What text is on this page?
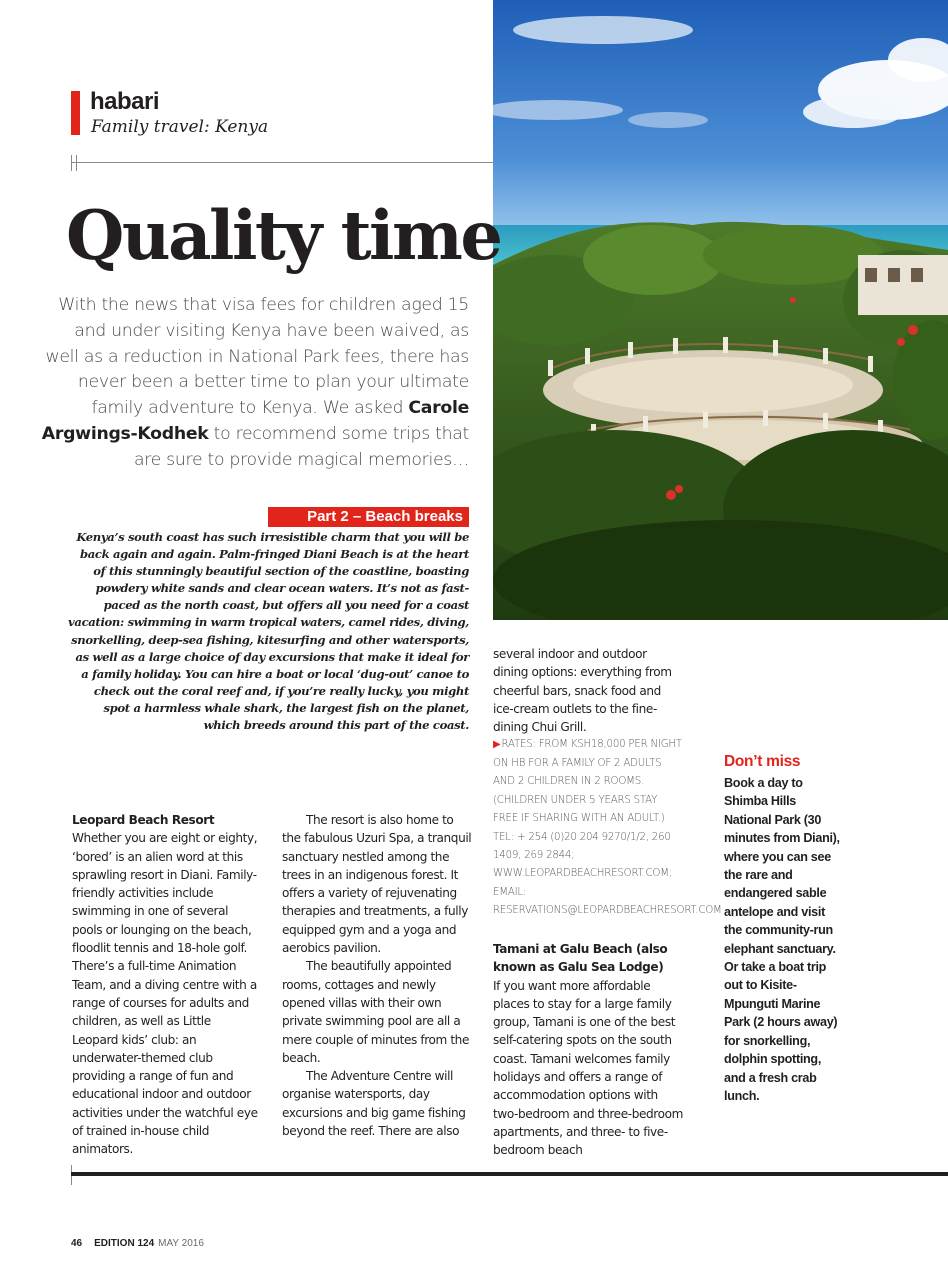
habari
Family travel: Kenya
Quality time

With the news that visa fees for children aged 15 and under visiting Kenya have been waived, as well as a reduction in National Park fees, there has never been a better time to plan your ultimate family adventure to Kenya. We asked Carole Argwings-Kodhek to recommend some trips that are sure to provide magical memories…

Part 2 – Beach breaks

Kenya’s south coast has such irresistible charm that you will be back again and again. Palm-fringed Diani Beach is at the heart of this stunningly beautiful section of the coastline, boasting powdery white sands and clear ocean waters. It’s not as fast-paced as the north coast, but offers all you need for a coast vacation: swimming in warm tropical waters, camel rides, diving, snorkelling, deep-sea fishing, kitesurfing and other watersports, as well as a large choice of day excursions that make it ideal for a family holiday. You can hire a boat or local ‘dug-out’ canoe to check out the coral reef and, if you’re really lucky, you might spot a harmless whale shark, the largest fish on the planet, which breeds around this part of the coast.

Leopard Beach Resort

Whether you are eight or eighty, ‘bored’ is an alien word at this sprawling resort in Diani. Family-friendly activities include swimming in one of several pools or lounging on the beach, floodlit tennis and 18-hole golf. There’s a full-time Animation Team, and a diving centre with a range of courses for adults and children, as well as Little Leopard kids’ club: an underwater-themed club providing a range of fun and educational indoor and outdoor activities under the watchful eye of trained in-house child animators.

The resort is also home to the fabulous Uzuri Spa, a tranquil sanctuary nestled among the trees in an indigenous forest. It offers a variety of rejuvenating therapies and treatments, a fully equipped gym and a yoga and aerobics pavilion.

The beautifully appointed rooms, cottages and newly opened villas with their own private swimming pool are all a mere couple of minutes from the beach.

The Adventure Centre will organise watersports, day excursions and big game fishing beyond the reef. There are also

several indoor and outdoor dining options: everything from cheerful bars, snack food and ice-cream outlets to the fine-dining Chui Grill.

▶RATES: FROM KSH18,000 PER NIGHT ON HB FOR A FAMILY OF 2 ADULTS AND 2 CHILDREN IN 2 ROOMS. (CHILDREN UNDER 5 YEARS STAY FREE IF SHARING WITH AN ADULT.) TEL: + 254 (0)20 204 9270/1/2, 260 1409, 269 2844; WWW.LEOPARDBEACHRESORT.COM; EMAIL: RESERVATIONS@LEOPARDBEACHRESORT.COM

Tamani at Galu Beach (also known as Galu Sea Lodge)

If you want more affordable places to stay for a large family group, Tamani is one of the best self-catering spots on the south coast. Tamani welcomes family holidays and offers a range of accommodation options with two-bedroom and three-bedroom apartments, and three- to five-bedroom beach

Don’t miss
Book a day to Shimba Hills National Park (30 minutes from Diani), where you can see the rare and endangered sable antelope and visit the community-run elephant sanctuary. Or take a boat trip out to Kisite-Mpunguti Marine Park (2 hours away) for snorkelling, dolphin spotting, and a fresh crab lunch.
46 EDITION 124 MAY 2016
